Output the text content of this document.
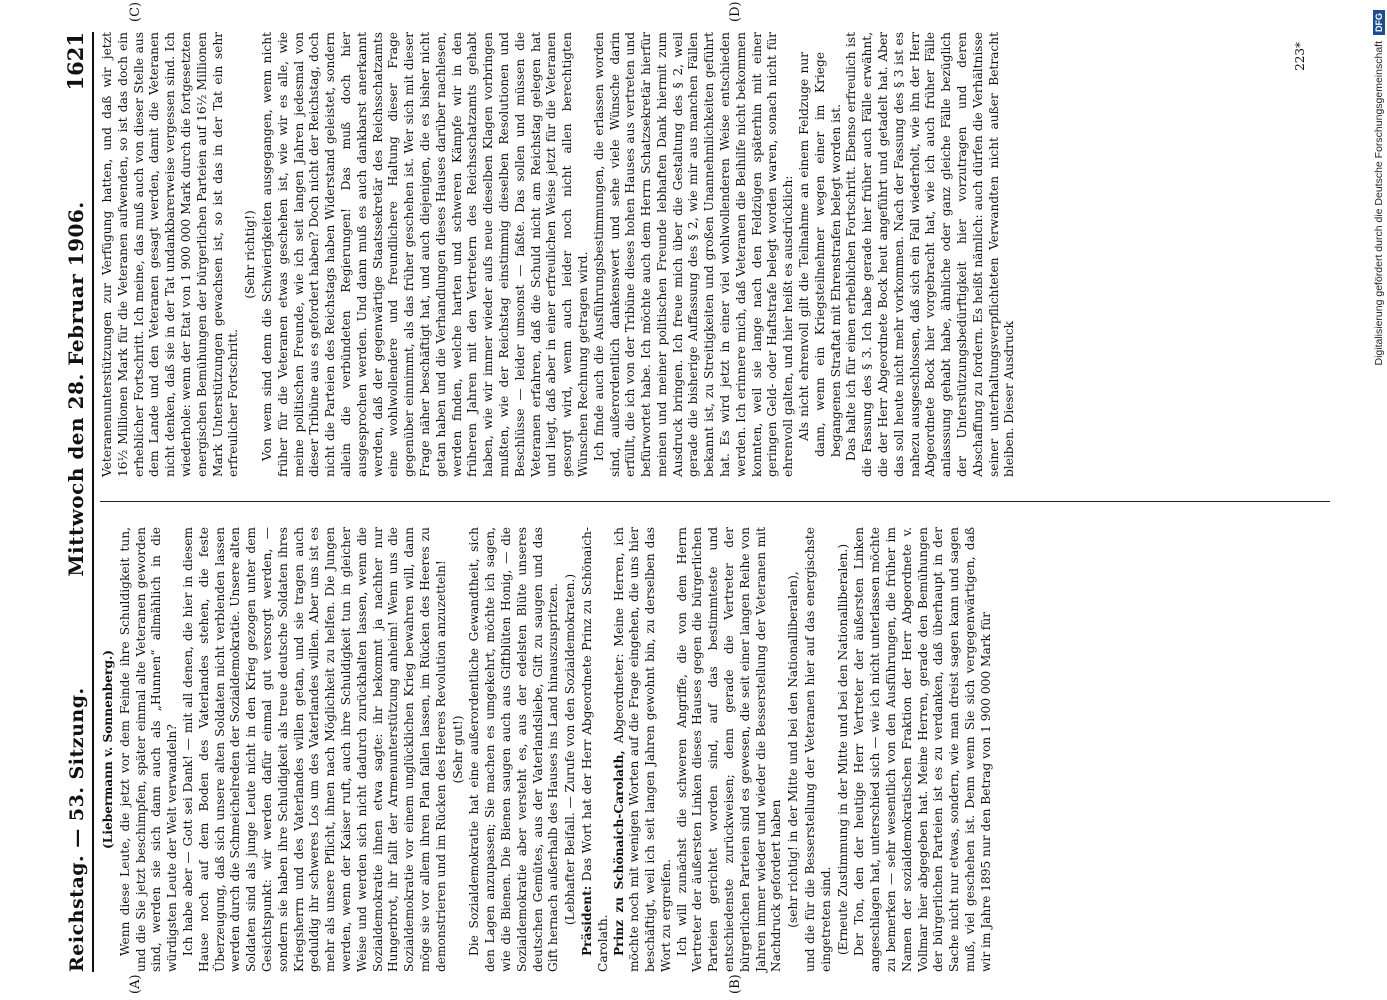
Reichstag. — 53. Sitzung.
Mittwoch den 28. Februar 1906.
1621
(A)	(B)
(C)	(D)

(Liebermann v. Sonnenberg.) Wenn diese Leute, die jetzt vor dem Feinde ihre Schuldigkeit tun, und die Sie jetzt beschimpfen, später einmal alte Veteranen geworden sind, werden sie sich dann auch als „Hunnen“ allmählich in die würdigsten Leute der Welt verwandeln? Ich habe aber — Gott sei Dank! — mit all denen, die hier in diesem Hause noch auf dem Boden des Vaterlandes stehen, die feste Überzeugung, daß sich unsere alten Soldaten nicht verblenden lassen werden durch die Schmeichelreden der Sozialdemokratie. Unsere alten Soldaten sind als junge Leute nicht in den Krieg gezogen unter dem Gesichtspunkt: wir werden dafür einmal gut versorgt werden, — sondern sie haben ihre Schuldigkeit als treue deutsche Soldaten ihres Kriegsherrn und des Vaterlandes willen getan, und sie tragen auch geduldig ihr schweres Los um des Vaterlandes willen. Aber uns ist es mehr als unsere Pflicht, ihnen nach Möglichkeit zu helfen. Die Jungen werden, wenn der Kaiser ruft, auch ihre Schuldigkeit tun in gleicher Weise und werden sich nicht dadurch zurückhalten lassen, wenn die Sozialdemokratie ihnen etwa sagte: ihr bekommt ja nachher nur Hungerbrot, ihr fallt der Armenunterstützung anheim! Wenn uns die Sozialdemokratie vor einem unglücklichen Krieg bewahren will, dann möge sie vor allem ihren Plan fallen lassen, im Rücken des Heeres zu demonstrieren und im Rücken des Heeres Revolution anzuzetteln! (Sehr gut!) Die Sozialdemokratie hat eine außerordentliche Gewandtheit, sich den Lagen anzupassen; Sie machen es umgekehrt, möchte ich sagen, wie die Bienen. Die Bienen saugen auch aus Giftblüten Honig, — die Sozialdemokratie aber versteht es, aus der edelsten Blüte unseres deutschen Gemütes, aus der Vaterlandsliebe, Gift zu saugen und das Gift hernach außerhalb des Hauses ins Land hinauszuspritzen. (Lebhafter Beifall. — Zurufe von den Sozialdemokraten.) Präsident: Das Wort hat der Herr Abgeordnete Prinz zu Schönaich-Carolath. Prinz zu Schönaich-Carolath, Abgeordneter: Meine Herren, ich möchte noch mit wenigen Worten auf die Frage eingehen, die uns hier beschäftigt, weil ich seit langen Jahren gewohnt bin, zu derselben das Wort zu ergreifen. Ich will zunächst die schweren Angriffe, die von dem Herrn Vertreter der äußersten Linken dieses Hauses gegen die bürgerlichen Parteien gerichtet worden sind, auf das bestimmteste und entschiedenste zurückweisen; denn gerade die Vertreter der bürgerlichen Parteien sind es gewesen, die seit einer langen Reihe von Jahren immer wieder und wieder die Besserstellung der Veteranen mit Nachdruck gefordert haben (sehr richtig! in der Mitte und bei den Nationalliberalen), und die für die Besserstellung der Veteranen hier auf das energischste eingetreten sind. (Erneute Zustimmung in der Mitte und bei den Nationalliberalen.) Der Ton, den der heutige Herr Vertreter der äußersten Linken angeschlagen hat, unterschied sich — wie ich nicht unterlassen möchte zu bemerken — sehr wesentlich von den Ausführungen, die früher im Namen der sozialdemokratischen Fraktion der Herr Abgeordnete v. Vollmar hier abgegeben hat. Meine Herren, gerade den Bemühungen der bürgerlichen Parteien ist es zu verdanken, daß überhaupt in der Sache nicht nur etwas, sondern, wie man dreist sagen kann und sagen muß, viel geschehen ist. Denn wenn Sie sich vergegenwärtigen, daß wir im Jahre 1895 nur den Betrag von 1 900 000 Mark für

Veteranenunterstützungen zur Verfügung hatten, und daß wir jetzt 16½ Millionen Mark für die Veteranen aufwenden, so ist das doch ein erheblicher Fortschritt. Ich meine, das muß auch von dieser Stelle aus dem Lande und den Veteranen gesagt werden, damit die Veteranen nicht denken, daß sie in der Tat undankbarerweise vergessen sind. Ich wiederhole: wenn der Etat von 1 900 000 Mark durch die fortgesetzten energischen Bemühungen der bürgerlichen Parteien auf 16½ Millionen Mark Unterstützungen gewachsen ist, so ist das in der Tat ein sehr erfreulicher Fortschritt.

(Sehr richtig!) Von wem sind denn die Schwierigkeiten ausgegangen, wenn nicht früher für die Veteranen etwas geschehen ist, wie wir es alle, wie meine politischen Freunde, wie ich seit langen Jahren jedesmal von dieser Tribüne aus es gefordert haben? Doch nicht der Reichstag, doch nicht die Parteien des Reichstags haben Widerstand geleistet, sondern allein die verbündeten Regierungen! Das muß doch hier ausgesprochen werden. Und dann muß es auch dankbarst anerkannt werden, daß der gegenwärtige Staatssekretär des Reichsschatzamts eine wohlwollendere und freundlichere Haltung dieser Frage gegenüber einnimmt, als das früher geschehen ist. Wer sich mit dieser Frage näher beschäftigt hat, und auch diejenigen, die es bisher nicht getan haben und die Verhandlungen dieses Hauses darüber nachlesen, werden finden, welche harten und schweren Kämpfe wir in den früheren Jahren mit den Vertretern des Reichsschatzamts gehabt haben, wie wir immer wieder aufs neue dieselben Klagen vorbringen mußten, wie der Reichstag einstimmig dieselben Resolutionen und Beschlüsse — leider umsonst — faßte. Das sollen und müssen die Veteranen erfahren, daß die Schuld nicht am Reichstag gelegen hat und liegt, daß aber in einer erfreulichen Weise jetzt für die Veteranen gesorgt wird, wenn auch leider noch nicht allen berechtigten Wünschen Rechnung getragen wird. Ich finde auch die Ausführungsbestimmungen, die erlassen worden sind, außerordentlich dankenswert und sehe viele Wünsche darin erfüllt, die ich von der Tribüne dieses hohen Hauses aus vertreten und befürwortet habe. Ich möchte auch dem Herrn Schatzsekretär hierfür meinen und meiner politischen Freunde lebhaften Dank hiermit zum Ausdruck bringen. Ich freue mich über die Gestaltung des § 2, weil gerade die bisherige Auffassung des § 2, wie mir aus manchen Fällen bekannt ist, zu Streitigkeiten und großen Unannehmlichkeiten geführt hat. Es wird jetzt in einer viel wohlwollenderen Weise entschieden werden. Ich erinnere mich, daß Veteranen die Beihilfe nicht bekommen konnten, weil sie lange nach den Feldzügen späterhin mit einer geringen Geld- oder Haftstrafe belegt worden waren, sonach nicht für ehrenvoll galten, und hier heißt es ausdrücklich: Als nicht ehrenvoll gilt die Teilnahme an einem Feldzuge nur dann, wenn ein Kriegsteilnehmer wegen einer im Kriege begangenen Straftat mit Ehrenstrafen belegt worden ist. Das halte ich für einen erheblichen Fortschritt. Ebenso erfreulich ist die Fassung des § 3. Ich habe gerade hier früher auch Fälle erwähnt, die der Herr Abgeordnete Bock heut angeführt und getadelt hat. Aber das soll heute nicht mehr vorkommen. Nach der Fassung des § 3 ist es nahezu ausgeschlossen, daß sich ein Fall wiederholt, wie ihn der Herr Abgeordnete Bock hier vorgebracht hat, wie ich auch früher Fälle anlasssung gehabt habe, ähnliche oder ganz gleiche Fälle bezüglich der Unterstützungsbedürftigkeit hier vorzutragen und deren Abschaffung zu fordern. Es heißt nämlich: auch dürfen die Verhältnisse seiner unterhaltungsverpflichteten Verwandten nicht außer Betracht bleiben. Dieser Ausdruck

223*	Digitalisierung gefördert durch die Deutsche Forschungsgemeinschaft
DFG
